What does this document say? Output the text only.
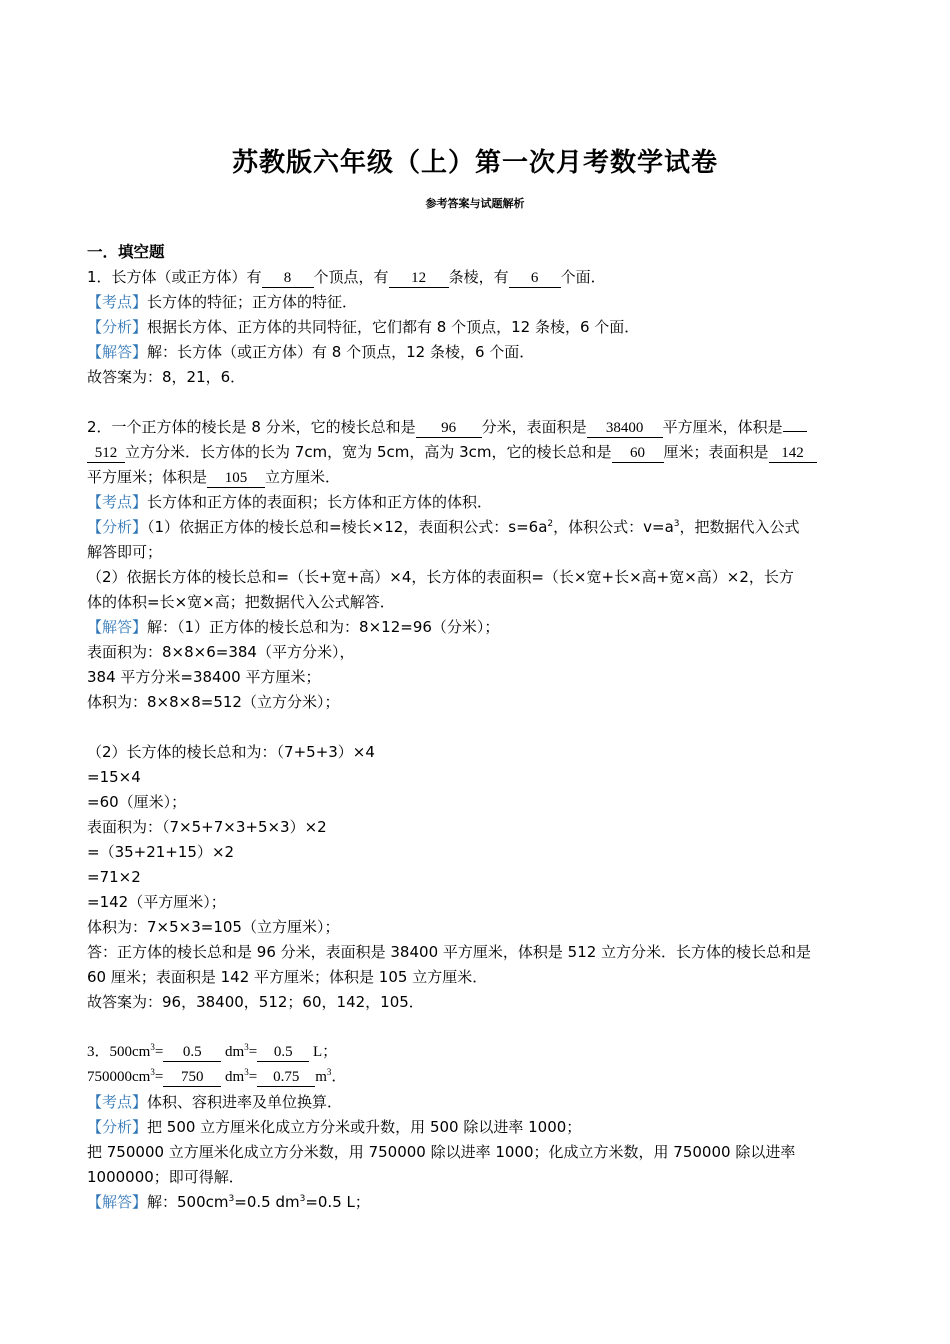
苏教版六年级（上）第一次月考数学试卷
参考答案与试题解析
一．填空题
1．长方体（或正方体）有 8 个顶点，有 12 条棱，有 6 个面．
【考点】长方体的特征；正方体的特征．
【分析】根据长方体、正方体的共同特征，它们都有 8 个顶点，12 条棱，6 个面．
【解答】解：长方体（或正方体）有 8 个顶点，12 条棱，6 个面．
故答案为：8，21，6．
2．一个正方体的棱长是 8 分米，它的棱长总和是 96 分米，表面积是 38400 平方厘米，体积是
512 立方分米．长方体的长为 7cm，宽为 5cm，高为 3cm，它的棱长总和是 60 厘米；表面积是 142
平方厘米；体积是 105 立方厘米．
【考点】长方体和正方体的表面积；长方体和正方体的体积．
【分析】（1）依据正方体的棱长总和=棱长×12，表面积公式：$s=6a^2$，体积公式：$v=a^3$，把数据代入公式
解答即可；
（2）依据长方体的棱长总和=（长+宽+高）×4，长方体的表面积=（长×宽+长×高+宽×高）×2，长方
体的体积=长×宽×高；把数据代入公式解答．
【解答】解：（1）正方体的棱长总和为：8×12=96（分米）；
表面积为：8×8×6=384（平方分米），
384 平方分米=38400 平方厘米；
体积为：8×8×8=512（立方分米）；
（2）长方体的棱长总和为：（7+5+3）×4
=15×4
=60（厘米）；
表面积为：（7×5+7×3+5×3）×2
=（35+21+15）×2
=71×2
=142（平方厘米）；
体积为：7×5×3=105（立方厘米）；
答：正方体的棱长总和是 96 分米，表面积是 38400 平方厘米，体积是 512 立方分米．长方体的棱长总和是
60 厘米；表面积是 142 平方厘米；体积是 105 立方厘米．
故答案为：96，38400，512；60，142，105．
3．$500cm^3= 0.5$ $dm^3= 0.5$ L；
$750000cm^3= 750$ $dm^3= 0.75$ $m^3$．
【考点】体积、容积进率及单位换算．
【分析】把 500 立方厘米化成立方分米或升数，用 500 除以进率 1000；
把 750000 立方厘米化成立方分米数，用 750000 除以进率 1000；化成立方米数，用 750000 除以进率
1000000；即可得解．
【解答】解：$500cm^3=0.5$ $dm^3=0.5$ L；
